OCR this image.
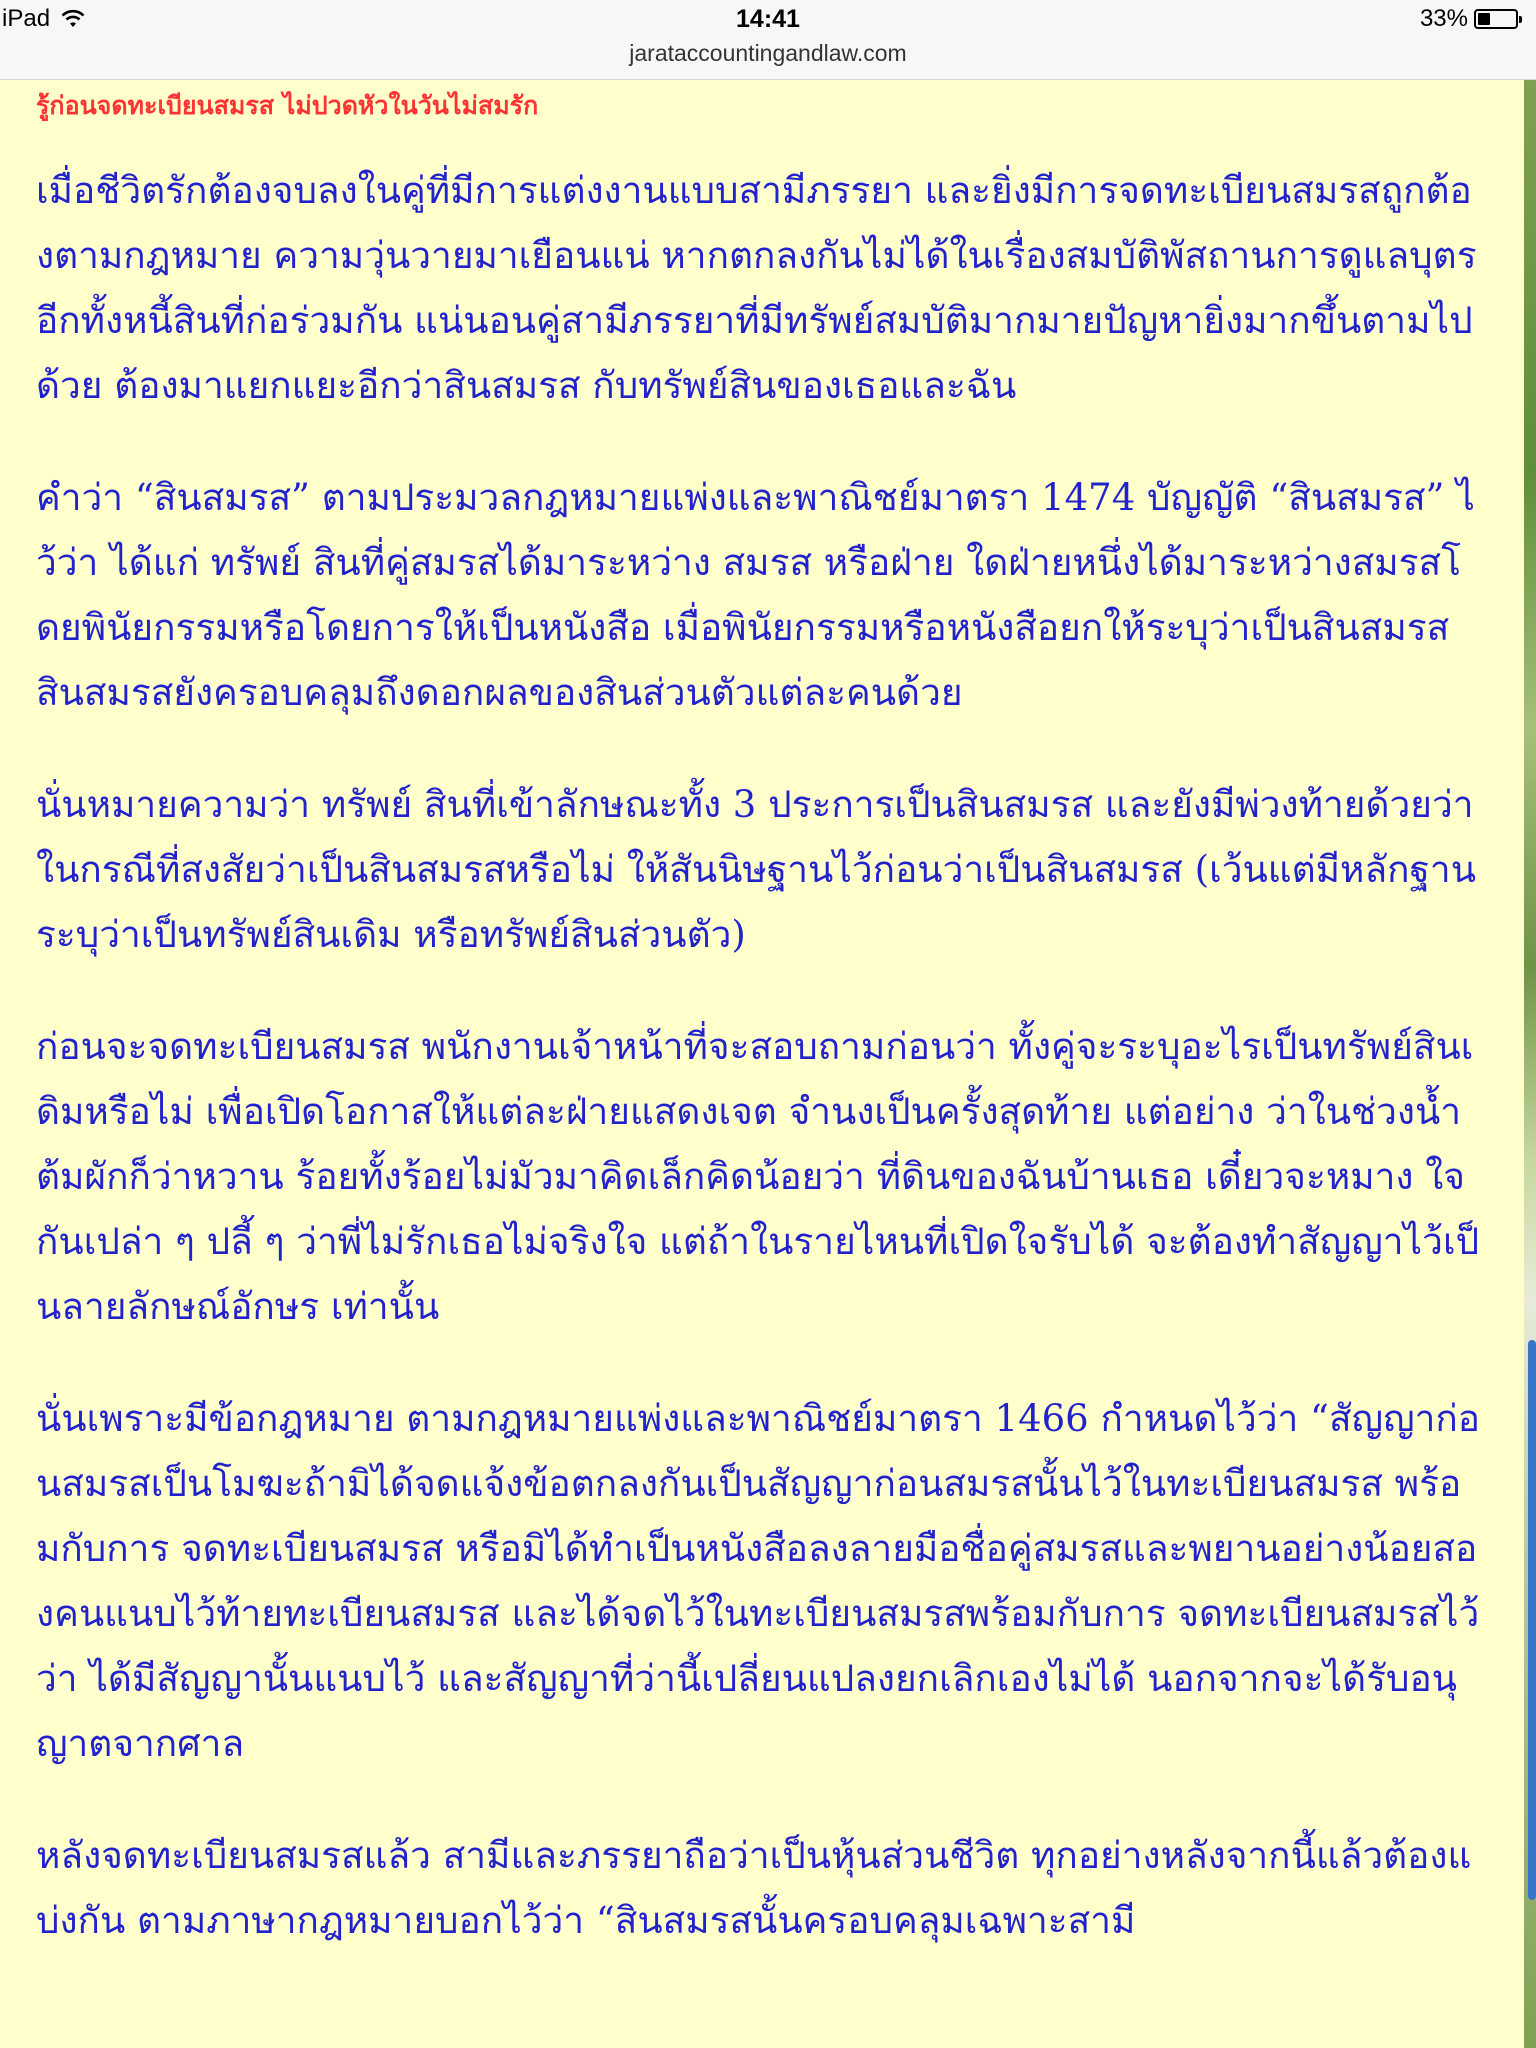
iPad	14:41	33%
jarataccountingandlaw.com
รู้ก่อนจดทะเบียนสมรส ไม่ปวดหัวในวันไม่สมรัก

เมื่อชีวิตรักต้องจบลงในคู่ที่มีการแต่งงานแบบสามีภรรยา และยิ่งมีการจดทะเบียนสมรสถูกต้องตามกฎหมาย ความวุ่นวายมาเยือนแน่ หากตกลงกันไม่ได้ในเรื่องสมบัติพัสถานการดูแลบุตร อีกทั้งหนี้สินที่ก่อร่วมกัน แน่นอนคู่สามีภรรยาที่มีทรัพย์สมบัติมากมายปัญหายิ่งมากขึ้นตามไปด้วย ต้องมาแยกแยะอีกว่าสินสมรส กับทรัพย์สินของเธอและฉัน

คำว่า “สินสมรส” ตามประมวลกฎหมายแพ่งและพาณิชย์มาตรา 1474 บัญญัติ “สินสมรส” ไว้ว่า ได้แก่ ทรัพย์ สินที่คู่สมรสได้มาระหว่าง สมรส หรือฝ่าย ใดฝ่ายหนึ่งได้มาระหว่างสมรสโดยพินัยกรรมหรือโดยการให้เป็นหนังสือ เมื่อพินัยกรรมหรือหนังสือยกให้ระบุว่าเป็นสินสมรส สินสมรสยังครอบคลุมถึงดอกผลของสินส่วนตัวแต่ละคนด้วย

นั่นหมายความว่า ทรัพย์ สินที่เข้าลักษณะทั้ง 3 ประการเป็นสินสมรส และยังมีพ่วงท้ายด้วยว่า ในกรณีที่สงสัยว่าเป็นสินสมรสหรือไม่ ให้สันนิษฐานไว้ก่อนว่าเป็นสินสมรส (เว้นแต่มีหลักฐานระบุว่าเป็นทรัพย์สินเดิม หรือทรัพย์สินส่วนตัว)

ก่อนจะจดทะเบียนสมรส พนักงานเจ้าหน้าที่จะสอบถามก่อนว่า ทั้งคู่จะระบุอะไรเป็นทรัพย์สินเดิมหรือไม่ เพื่อเปิดโอกาสให้แต่ละฝ่ายแสดงเจต จำนงเป็นครั้งสุดท้าย แต่อย่าง ว่าในช่วงน้ำต้มผักก็ว่าหวาน ร้อยทั้งร้อยไม่มัวมาคิดเล็กคิดน้อยว่า ที่ดินของฉันบ้านเธอ เดี๋ยวจะหมาง ใจกันเปล่า ๆ ปลี้ ๆ ว่าพี่ไม่รักเธอไม่จริงใจ แต่ถ้าในรายไหนที่เปิดใจรับได้ จะต้องทำสัญญาไว้เป็นลายลักษณ์อักษร เท่านั้น

นั่นเพราะมีข้อกฎหมาย ตามกฎหมายแพ่งและพาณิชย์มาตรา 1466 กำหนดไว้ว่า “สัญญาก่อนสมรสเป็นโมฆะถ้ามิได้จดแจ้งข้อตกลงกันเป็นสัญญาก่อนสมรสนั้นไว้ในทะเบียนสมรส พร้อมกับการ จดทะเบียนสมรส หรือมิได้ทำเป็นหนังสือลงลายมือชื่อคู่สมรสและพยานอย่างน้อยสองคนแนบไว้ท้ายทะเบียนสมรส และได้จดไว้ในทะเบียนสมรสพร้อมกับการ จดทะเบียนสมรสไว้ว่า ได้มีสัญญานั้นแนบไว้ และสัญญาที่ว่านี้เปลี่ยนแปลงยกเลิกเองไม่ได้ นอกจากจะได้รับอนุญาตจากศาล

หลังจดทะเบียนสมรสแล้ว สามีและภรรยาถือว่าเป็นหุ้นส่วนชีวิต ทุกอย่างหลังจากนี้แล้วต้องแบ่งกัน ตามภาษากฎหมายบอกไว้ว่า “สินสมรสนั้นครอบคลุมเฉพาะสามี
